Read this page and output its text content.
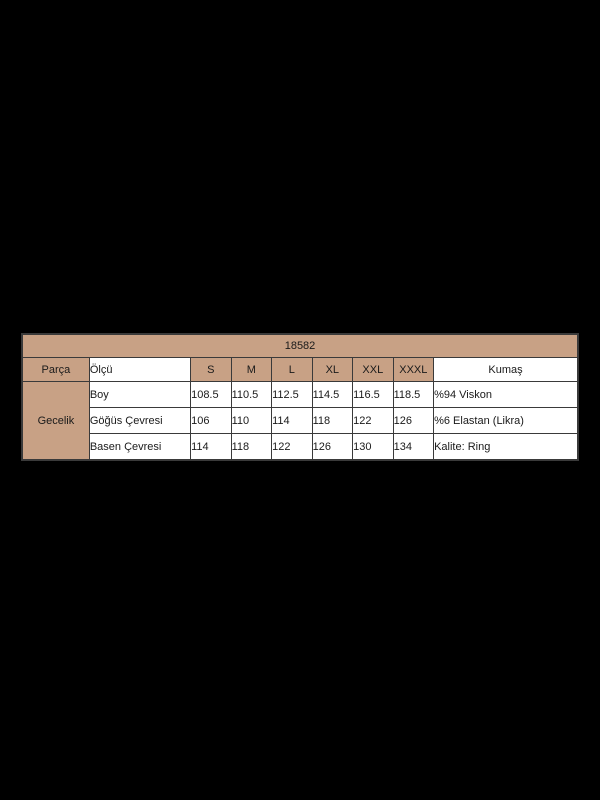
18582								
Parça	Ölçü	S	M	L	XL	XXL	XXXL	Kumaş
Gecelik	Boy	108.5	110.5	112.5	114.5	116.5	118.5	%94 Viskon
	Göğüs Çevresi	106	110	114	118	122	126	%6 Elastan (Likra)
	Basen Çevresi	114	118	122	126	130	134	Kalite: Ring
